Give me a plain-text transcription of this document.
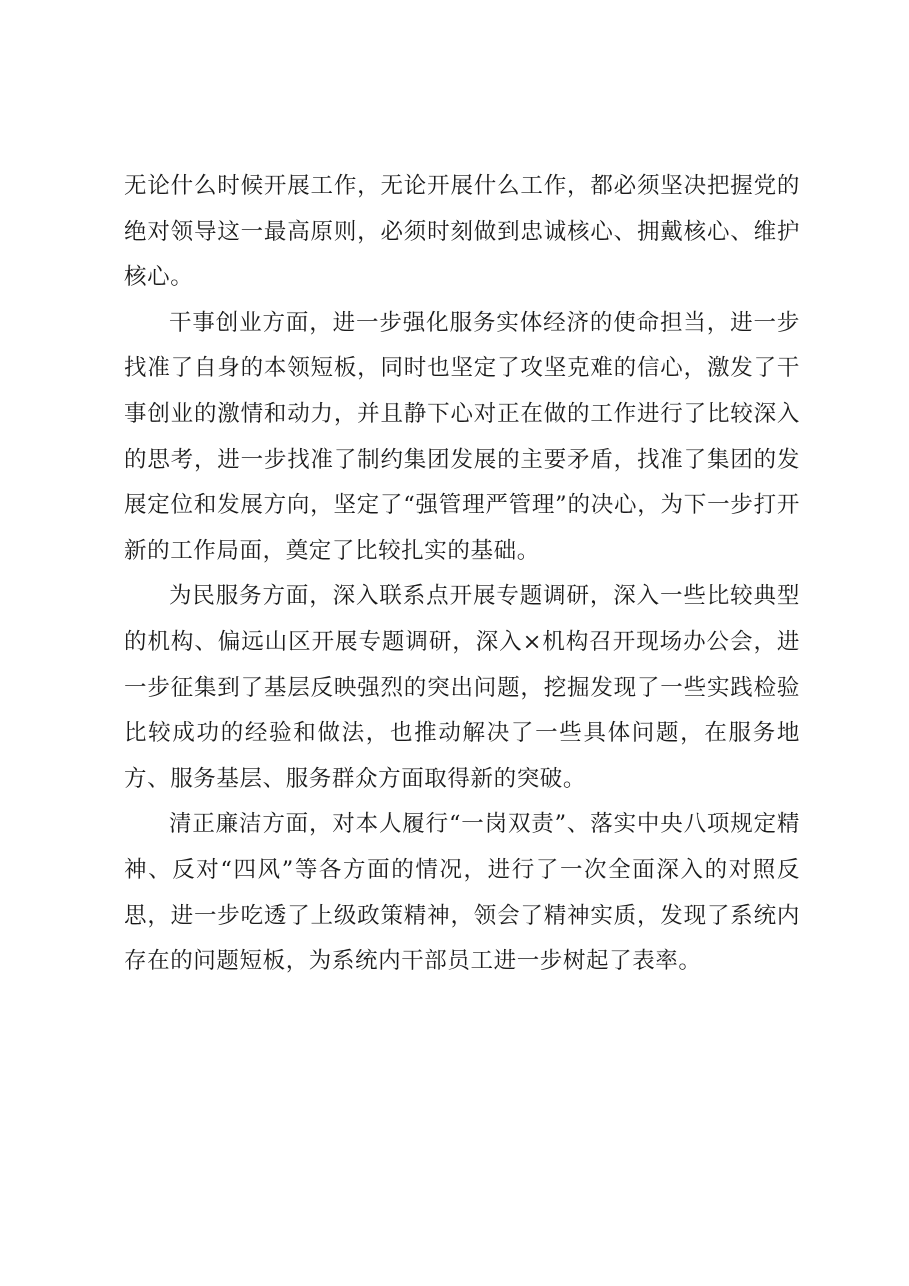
无论什么时候开展工作，无论开展什么工作，都必须坚决把握党的绝对领导这一最高原则，必须时刻做到忠诚核心、拥戴核心、维护核心。

干事创业方面，进一步强化服务实体经济的使命担当，进一步找准了自身的本领短板，同时也坚定了攻坚克难的信心，激发了干事创业的激情和动力，并且静下心对正在做的工作进行了比较深入的思考，进一步找准了制约集团发展的主要矛盾，找准了集团的发展定位和发展方向，坚定了“强管理严管理”的决心，为下一步打开新的工作局面，奠定了比较扎实的基础。

为民服务方面，深入联系点开展专题调研，深入一些比较典型的机构、偏远山区开展专题调研，深入×机构召开现场办公会，进一步征集到了基层反映强烈的突出问题，挖掘发现了一些实践检验比较成功的经验和做法，也推动解决了一些具体问题，在服务地方、服务基层、服务群众方面取得新的突破。

清正廉洁方面，对本人履行“一岗双责”、落实中央八项规定精神、反对“四风”等各方面的情况，进行了一次全面深入的对照反思，进一步吃透了上级政策精神，领会了精神实质，发现了系统内存在的问题短板，为系统内干部员工进一步树起了表率。
